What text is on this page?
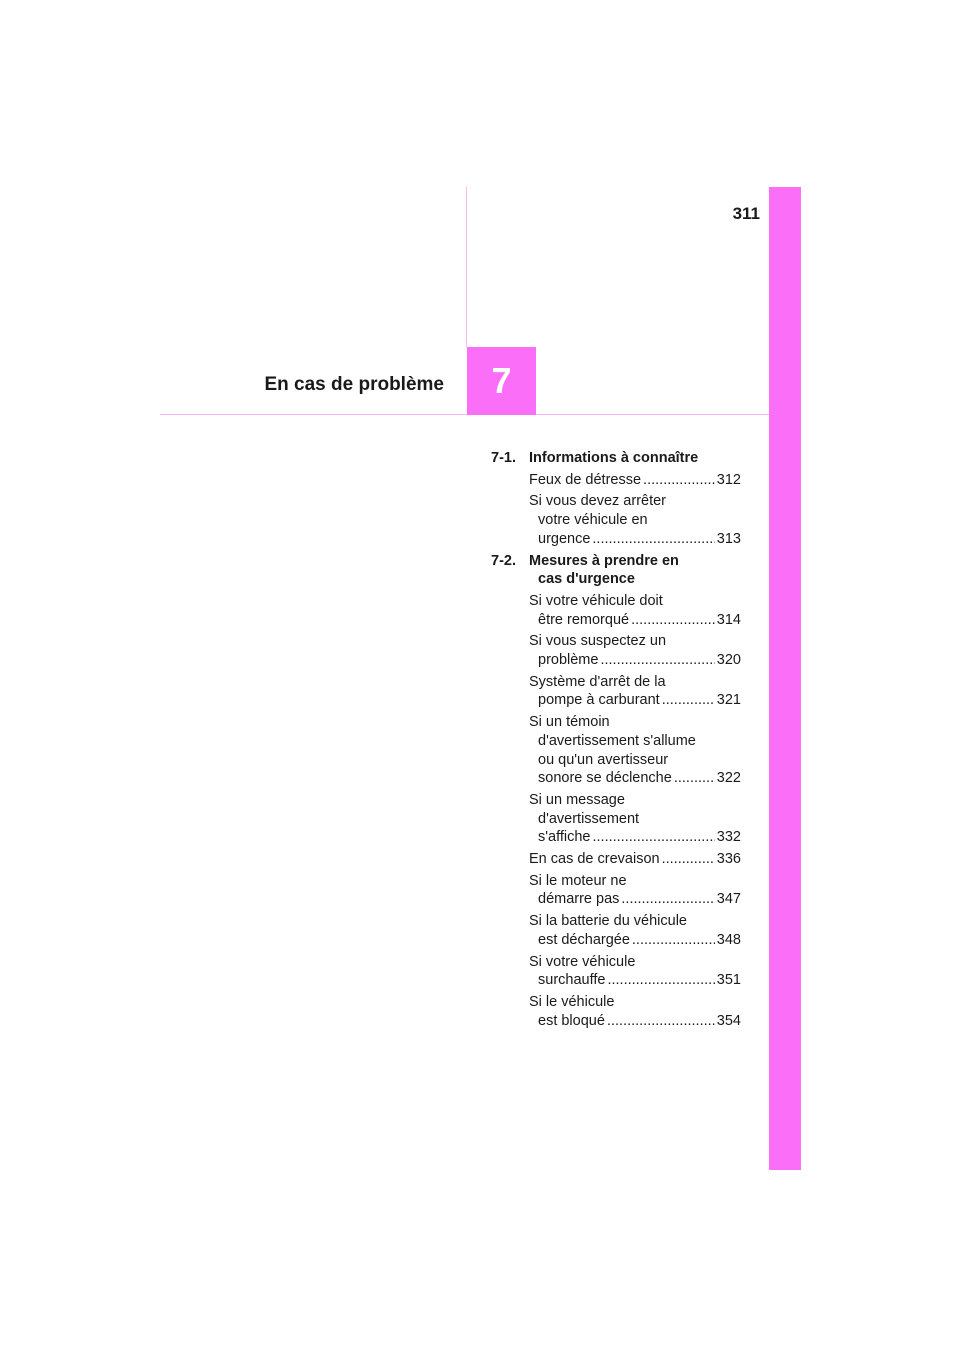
311
7
En cas de problème
7-1. Informations à connaître
Feux de détresse .....	312
Si vous devez arrêter
votre véhicule en
urgence .....	313
7-2. Mesures à prendre en
cas d'urgence
Si votre véhicule doit
être remorqué .....	314
Si vous suspectez un
problème .....	320
Système d'arrêt de la
pompe à carburant .....	321
Si un témoin
d'avertissement s'allume
ou qu'un avertisseur
sonore se déclenche .....	322
Si un message
d'avertissement
s'affiche .....	332
En cas de crevaison .....	336
Si le moteur ne
démarre pas .....	347
Si la batterie du véhicule
est déchargée .....	348
Si votre véhicule
surchauffe .....	351
Si le véhicule
est bloqué .....	354
